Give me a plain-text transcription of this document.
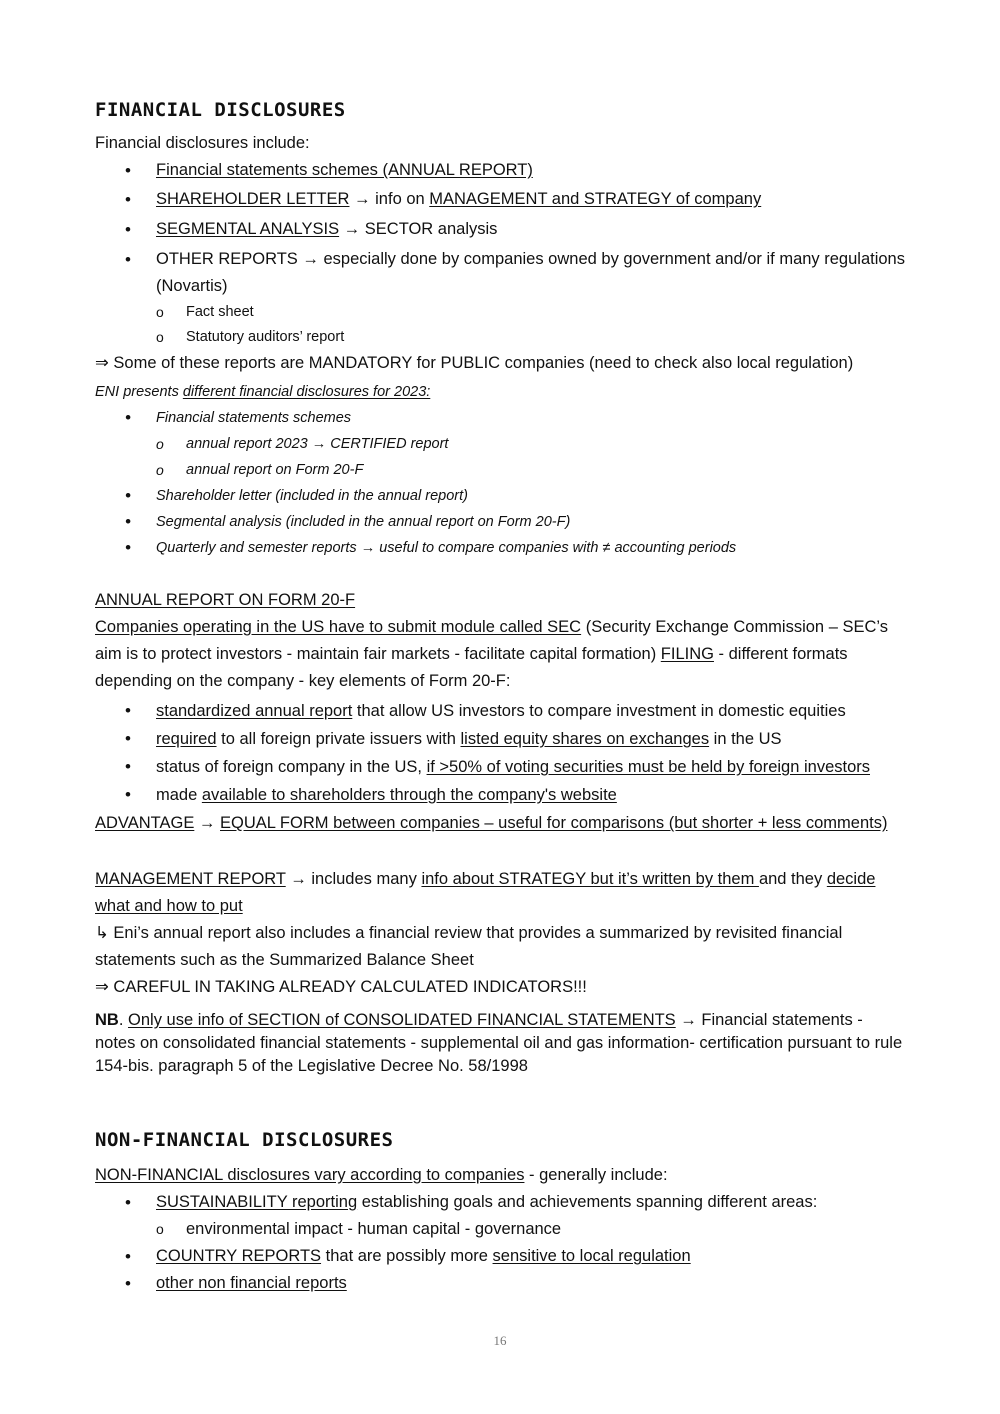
FINANCIAL DISCLOSURES

Financial disclosures include:

• Financial statements schemes (ANNUAL REPORT)
• SHAREHOLDER LETTER → info on MANAGEMENT and STRATEGY of company
• SEGMENTAL ANALYSIS → SECTOR analysis
• OTHER REPORTS → especially done by companies owned by government and/or if many regulations (Novartis)
o Fact sheet
o Statutory auditors’ report

⇒ Some of these reports are MANDATORY for PUBLIC companies (need to check also local regulation)

ENI presents different financial disclosures for 2023:

• Financial statements schemes
o annual report 2023 → CERTIFIED report
o annual report on Form 20-F
• Shareholder letter (included in the annual report)
• Segmental analysis (included in the annual report on Form 20-F)
• Quarterly and semester reports → useful to compare companies with ≠ accounting periods

ANNUAL REPORT ON FORM 20-F

Companies operating in the US have to submit module called SEC (Security Exchange Commission – SEC’s aim is to protect investors - maintain fair markets - facilitate capital formation) FILING - different formats depending on the company - key elements of Form 20-F:

• standardized annual report that allow US investors to compare investment in domestic equities
• required to all foreign private issuers with listed equity shares on exchanges in the US
• status of foreign company in the US, if >50% of voting securities must be held by foreign investors
• made available to shareholders through the company's website

ADVANTAGE → EQUAL FORM between companies – useful for comparisons (but shorter + less comments)

MANAGEMENT REPORT → includes many info about STRATEGY but it’s written by them and they decide what and how to put

↳ Eni’s annual report also includes a financial review that provides a summarized by revisited financial statements such as the Summarized Balance Sheet

⇒ CAREFUL IN TAKING ALREADY CALCULATED INDICATORS!!!

NB. Only use info of SECTION of CONSOLIDATED FINANCIAL STATEMENTS → Financial statements - notes on consolidated financial statements - supplemental oil and gas information- certification pursuant to rule 154-bis. paragraph 5 of the Legislative Decree No. 58/1998

NON-FINANCIAL DISCLOSURES

NON-FINANCIAL disclosures vary according to companies - generally include:

• SUSTAINABILITY reporting establishing goals and achievements spanning different areas:
o environmental impact - human capital - governance
• COUNTRY REPORTS that are possibly more sensitive to local regulation
• other non financial reports
16
